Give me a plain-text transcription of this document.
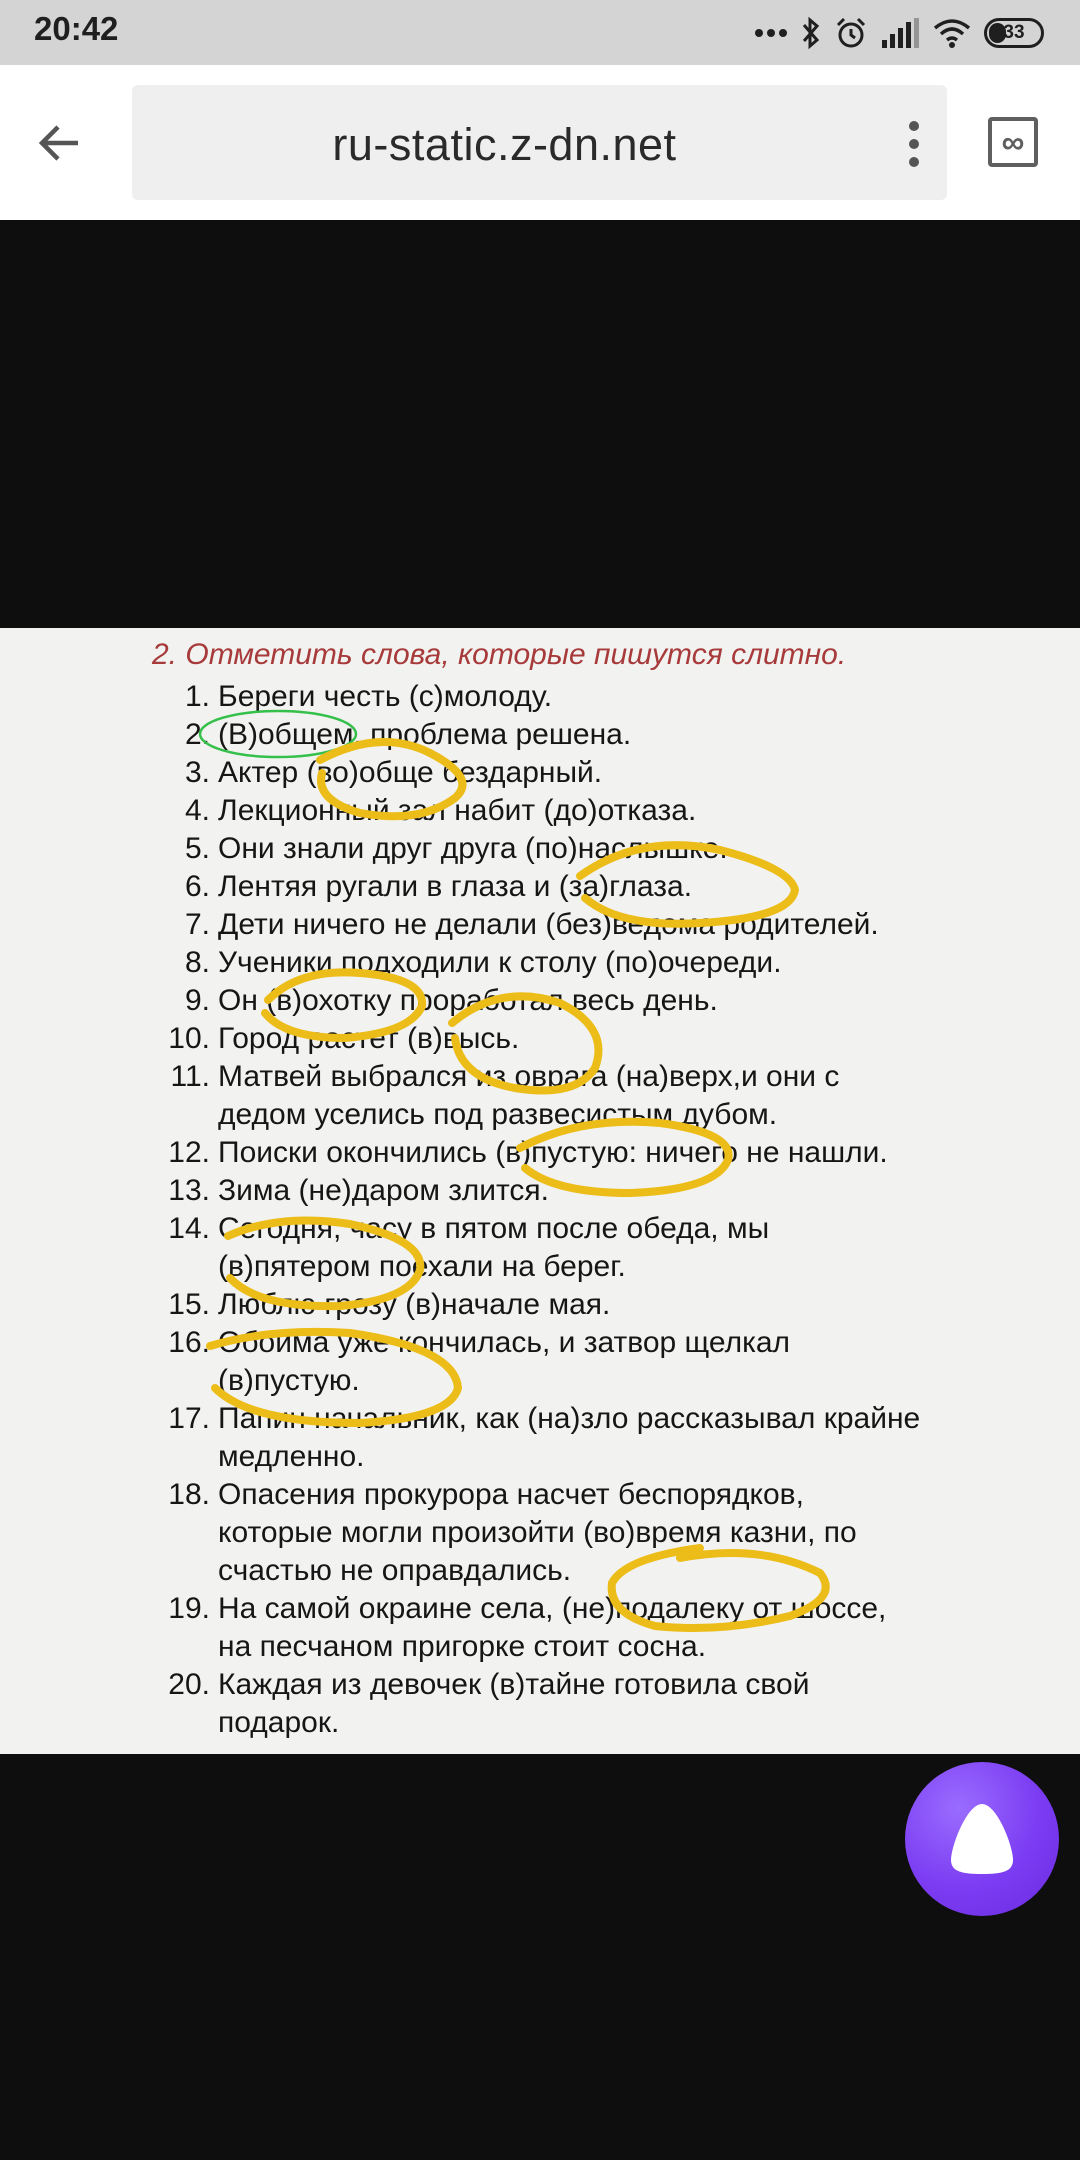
20:42	33
ru-static.z-dn.net	∞
2. Отметить слова, которые пишутся слитно.
1. Береги честь (с)молоду.
2. (В)общем, проблема решена.
3. Актер (во)обще бездарный.
4. Лекционный зал набит (до)отказа.
5. Они знали друг друга (по)наслышке.
6. Лентяя ругали в глаза и (за)глаза.
7. Дети ничего не делали (без)ведома родителей.
8. Ученики подходили к столу (по)очереди.
9. Он (в)охотку проработал весь день.
10. Город растет (в)высь.
11. Матвей выбрался из оврага (на)верх,и они с
дедом уселись под развесистым дубом.
12. Поиски окончились (в)пустую: ничего не нашли.
13. Зима (не)даром злится.
14. Сегодня, часу в пятом после обеда, мы
(в)пятером поехали на берег.
15. Люблю грозу (в)начале мая.
16. Обойма уже кончилась, и затвор щелкал
(в)пустую.
17. Папин начальник, как (на)зло рассказывал крайне
медленно.
18. Опасения прокурора насчет беспорядков,
которые могли произойти (во)время казни, по
счастью не оправдались.
19. На самой окраине села, (не)подалеку от шоссе,
на песчаном пригорке стоит сосна.
20. Каждая из девочек (в)тайне готовила свой
подарок.
